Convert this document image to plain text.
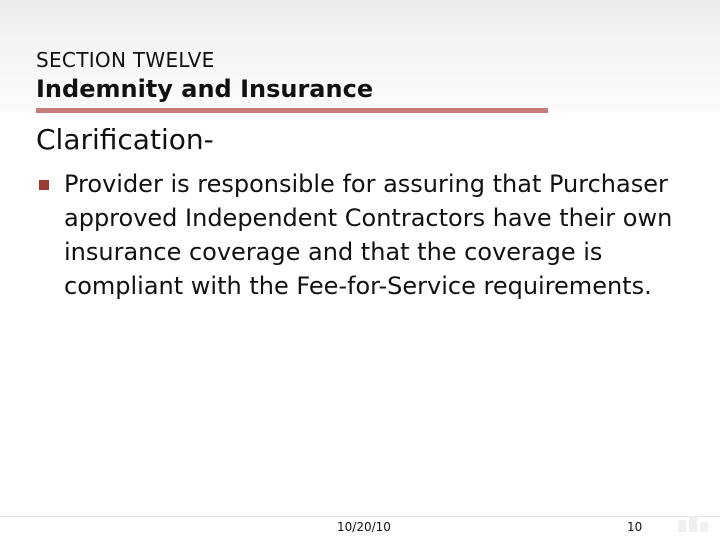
SECTION TWELVE
Indemnity and Insurance
Clarification-
Provider is responsible for assuring that Purchaser approved Independent Contractors have their own insurance coverage and that the coverage is compliant with the Fee-for-Service requirements.
10/20/10	10
